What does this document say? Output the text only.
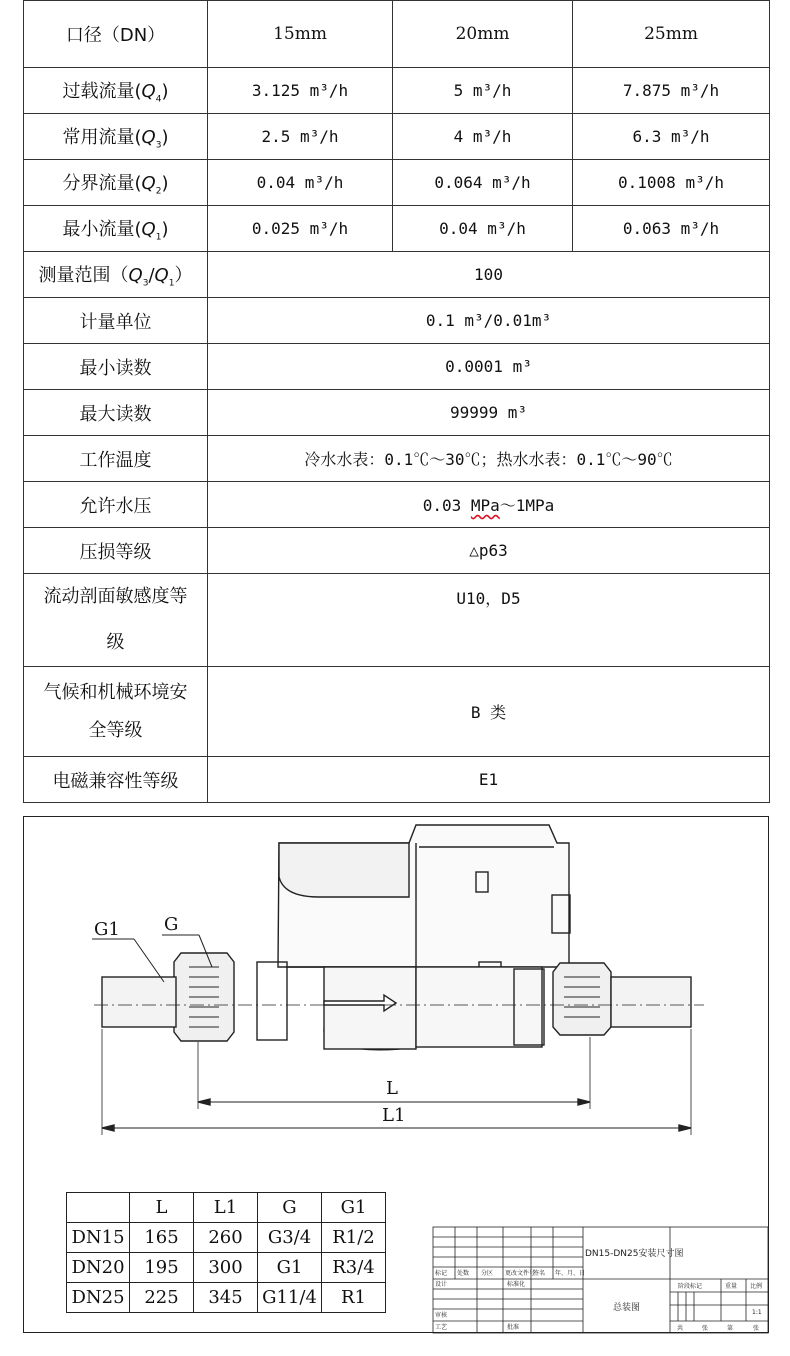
口径（DN）	15mm	20mm	25mm
过载流量$(Q_4)$	3.125 m³/h	5 m³/h	7.875 m³/h
常用流量$(Q_3)$	2.5 m³/h	4 m³/h	6.3 m³/h
分界流量$(Q_2)$	0.04 m³/h	0.064 m³/h	0.1008 m³/h
最小流量$(Q_1)$	0.025 m³/h	0.04 m³/h	0.063 m³/h
测量范围$(Q_3/Q_1)$	100		
计量单位	0.1 m³/0.01m³		
最小读数	0.0001 m³		
最大读数	99999 m³		
工作温度	冷水水表：0.1℃～30℃；热水水表：0.1℃～90℃		
允许水压	0.03 MPa～1MPa		
压损等级	△p63		

流动剖面敏感度等
级	U10，D5		

气候和机械环境安
全等级	B 类		
电磁兼容性等级	E1		
G1 G
L
L1
标记 处数 分区 更改文件号
签名 年、月、日
设计	标准化
审核
工艺	批准
DN15-DN25安装尺寸图
总装图
阶段标记	重量 比例
1:1
共	张	第	张
	L	L1	G	G1
DN15	165	260	G3/4	R1/2
DN20	195	300	G1	R3/4
DN25	225	345	G11/4	R1
